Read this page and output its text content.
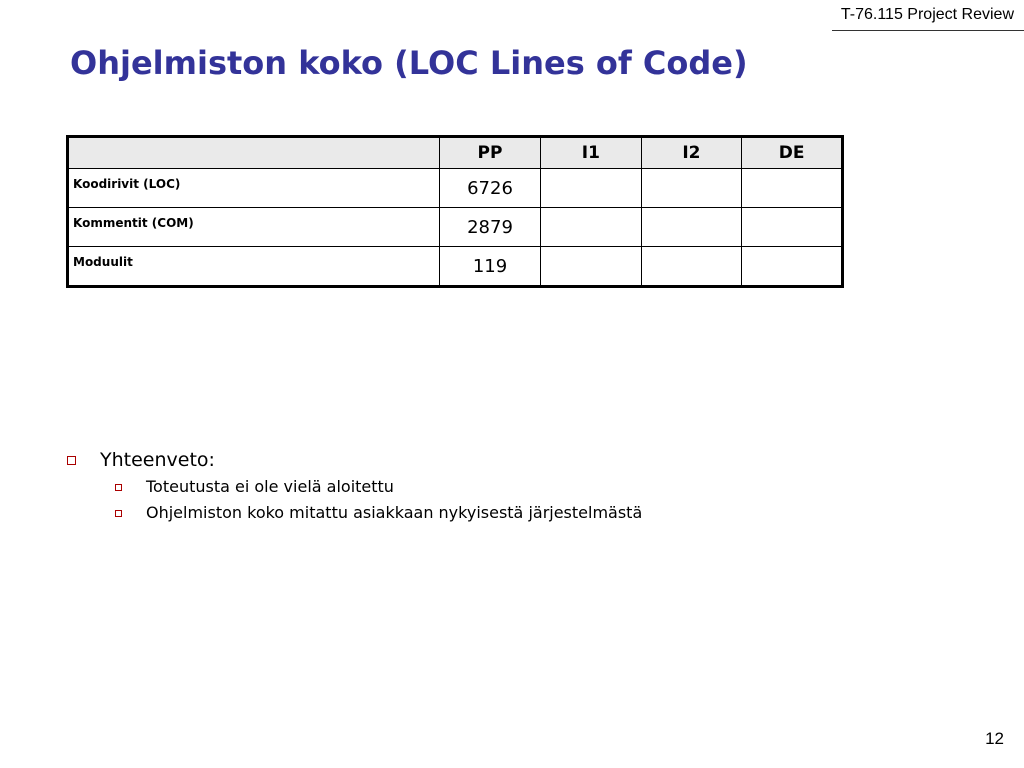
T-76.115 Project Review
Ohjelmiston koko (LOC Lines of Code)
	PP	I1	I2	DE
Koodirivit (LOC)	6726			
Kommentit (COM)	2879			
Moduulit	119			
Yhteenveto:
Toteutusta ei ole vielä aloitettu
Ohjelmiston koko mitattu asiakkaan nykyisestä järjestelmästä
12
